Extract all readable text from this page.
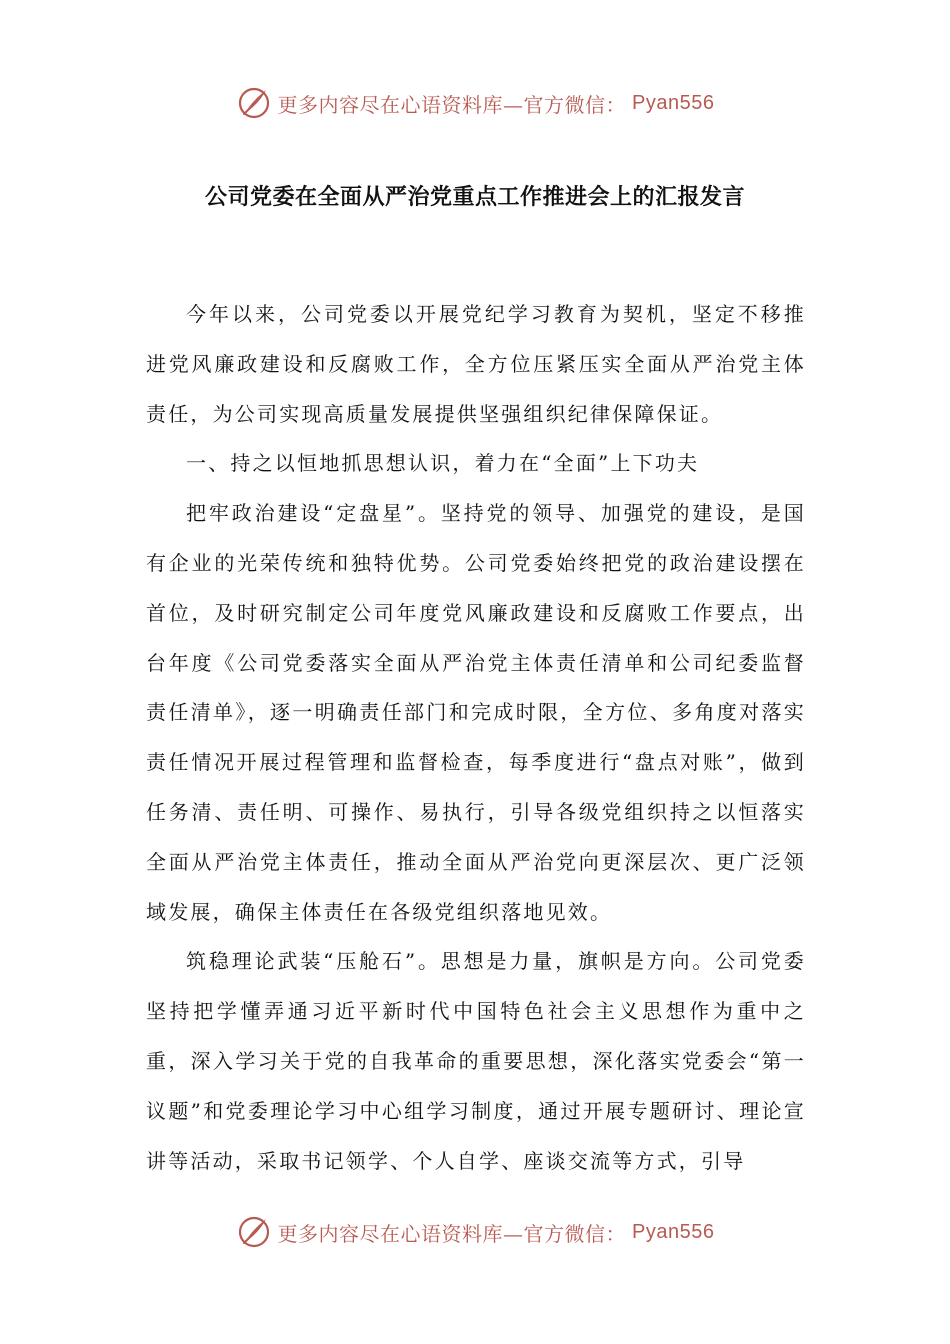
更多内容尽在心语资料库—官方微信： Pyan556
公司党委在全面从严治党重点工作推进会上的汇报发言

今年以来，公司党委以开展党纪学习教育为契机，坚定不移推进党风廉政建设和反腐败工作，全方位压紧压实全面从严治党主体责任，为公司实现高质量发展提供坚强组织纪律保障保证。

一、持之以恒地抓思想认识，着力在“全面”上下功夫

把牢政治建设“定盘星”。坚持党的领导、加强党的建设，是国有企业的光荣传统和独特优势。公司党委始终把党的政治建设摆在首位，及时研究制定公司年度党风廉政建设和反腐败工作要点，出台年度《公司党委落实全面从严治党主体责任清单和公司纪委监督责任清单》，逐一明确责任部门和完成时限，全方位、多角度对落实责任情况开展过程管理和监督检查，每季度进行“盘点对账”，做到任务清、责任明、可操作、易执行，引导各级党组织持之以恒落实全面从严治党主体责任，推动全面从严治党向更深层次、更广泛领域发展，确保主体责任在各级党组织落地见效。

筑稳理论武装“压舱石”。思想是力量，旗帜是方向。公司党委坚持把学懂弄通习近平新时代中国特色社会主义思想作为重中之重，深入学习关于党的自我革命的重要思想，深化落实党委会“第一议题”和党委理论学习中心组学习制度，通过开展专题研讨、理论宣讲等活动，采取书记领学、个人自学、座谈交流等方式，引导

更多内容尽在心语资料库—官方微信： Pyan556
